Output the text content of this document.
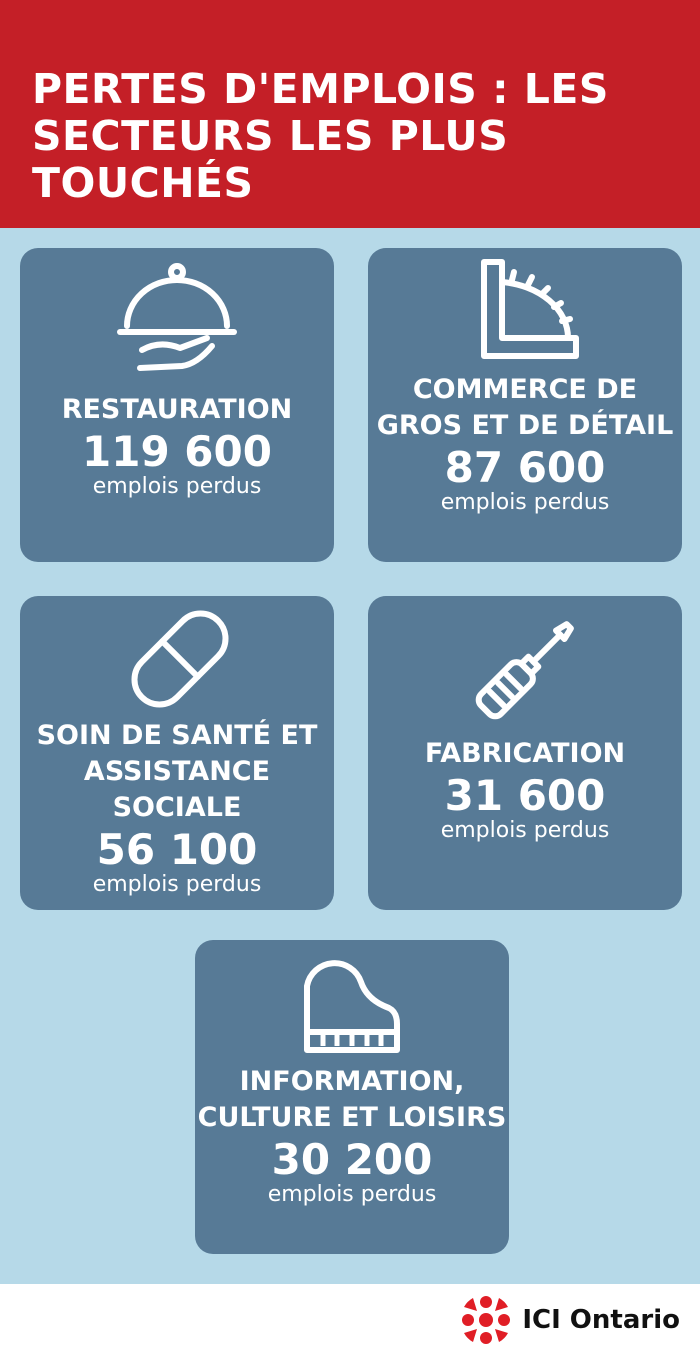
PERTES D'EMPLOIS : LES SECTEURS LES PLUS TOUCHÉS
RESTAURATION
119 600
emplois perdus
COMMERCE DE GROS ET DE DÉTAIL
87 600
emplois perdus
SOIN DE SANTÉ ET ASSISTANCE SOCIALE
56 100
emplois perdus
FABRICATION
31 600
emplois perdus
INFORMATION, CULTURE ET LOISIRS
30 200
emplois perdus
ICI Ontario
